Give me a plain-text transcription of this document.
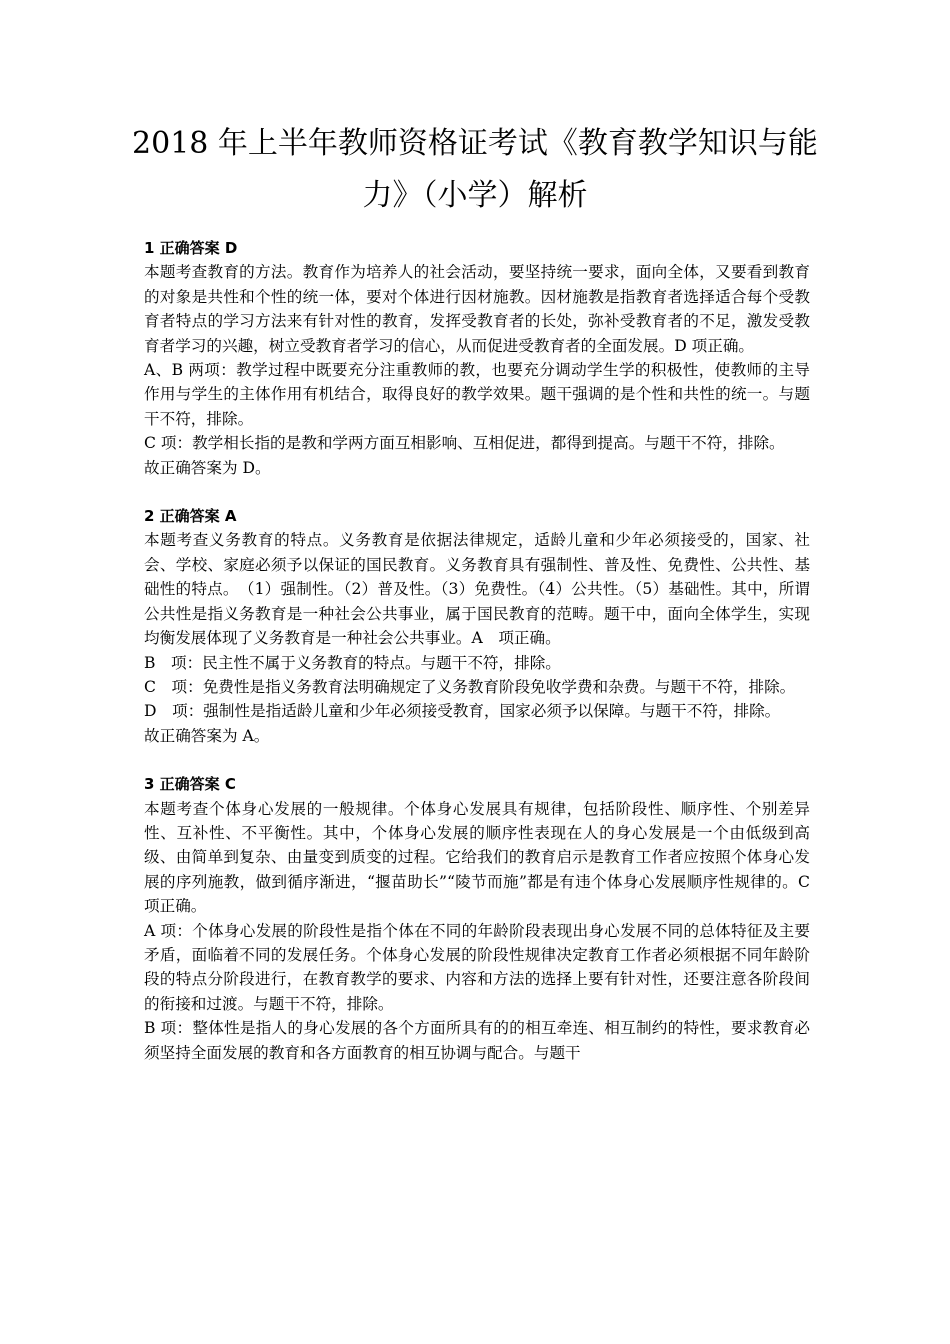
2018 年上半年教师资格证考试《教育教学知识与能
力》（小学）解析
1 正确答案 D

本题考查教育的方法。教育作为培养人的社会活动，要坚持统一要求，面向全体，又要看到教育的对象是共性和个性的统一体，要对个体进行因材施教。因材施教是指教育者选择适合每个受教育者特点的学习方法来有针对性的教育，发挥受教育者的长处，弥补受教育者的不足，激发受教育者学习的兴趣，树立受教育者学习的信心，从而促进受教育者的全面发展。D 项正确。

A、B 两项：教学过程中既要充分注重教师的教，也要充分调动学生学的积极性，使教师的主导作用与学生的主体作用有机结合，取得良好的教学效果。题干强调的是个性和共性的统一。与题干不符，排除。

C 项：教学相长指的是教和学两方面互相影响、互相促进，都得到提高。与题干不符，排除。

故正确答案为 D。

2 正确答案 A

本题考查义务教育的特点。义务教育是依据法律规定，适龄儿童和少年必须接受的，国家、社会、学校、家庭必须予以保证的国民教育。义务教育具有强制性、普及性、免费性、公共性、基础性的特点。　（1）强制性。（2）普及性。（3）免费性。（4）公共性。（5）基础性。其中，所谓公共性是指义务教育是一种社会公共事业，属于国民教育的范畴。题干中，面向全体学生，实现均衡发展体现了义务教育是一种社会公共事业。A　项正确。

B　项：民主性不属于义务教育的特点。与题干不符，排除。

C　项：免费性是指义务教育法明确规定了义务教育阶段免收学费和杂费。与题干不符，排除。

D　项：强制性是指适龄儿童和少年必须接受教育，国家必须予以保障。与题干不符，排除。

故正确答案为 A。

3 正确答案 C

本题考查个体身心发展的一般规律。个体身心发展具有规律，包括阶段性、顺序性、个别差异性、互补性、不平衡性。其中，个体身心发展的顺序性表现在人的身心发展是一个由低级到高级、由简单到复杂、由量变到质变的过程。它给我们的教育启示是教育工作者应按照个体身心发展的序列施教，做到循序渐进，“揠苗助长”“陵节而施”都是有违个体身心发展顺序性规律的。C 项正确。

A 项：个体身心发展的阶段性是指个体在不同的年龄阶段表现出身心发展不同的总体特征及主要矛盾，面临着不同的发展任务。个体身心发展的阶段性规律决定教育工作者必须根据不同年龄阶段的特点分阶段进行，在教育教学的要求、内容和方法的选择上要有针对性，还要注意各阶段间的衔接和过渡。与题干不符，排除。

B 项：整体性是指人的身心发展的各个方面所具有的的相互牵连、相互制约的特性，要求教育必须坚持全面发展的教育和各方面教育的相互协调与配合。与题干
